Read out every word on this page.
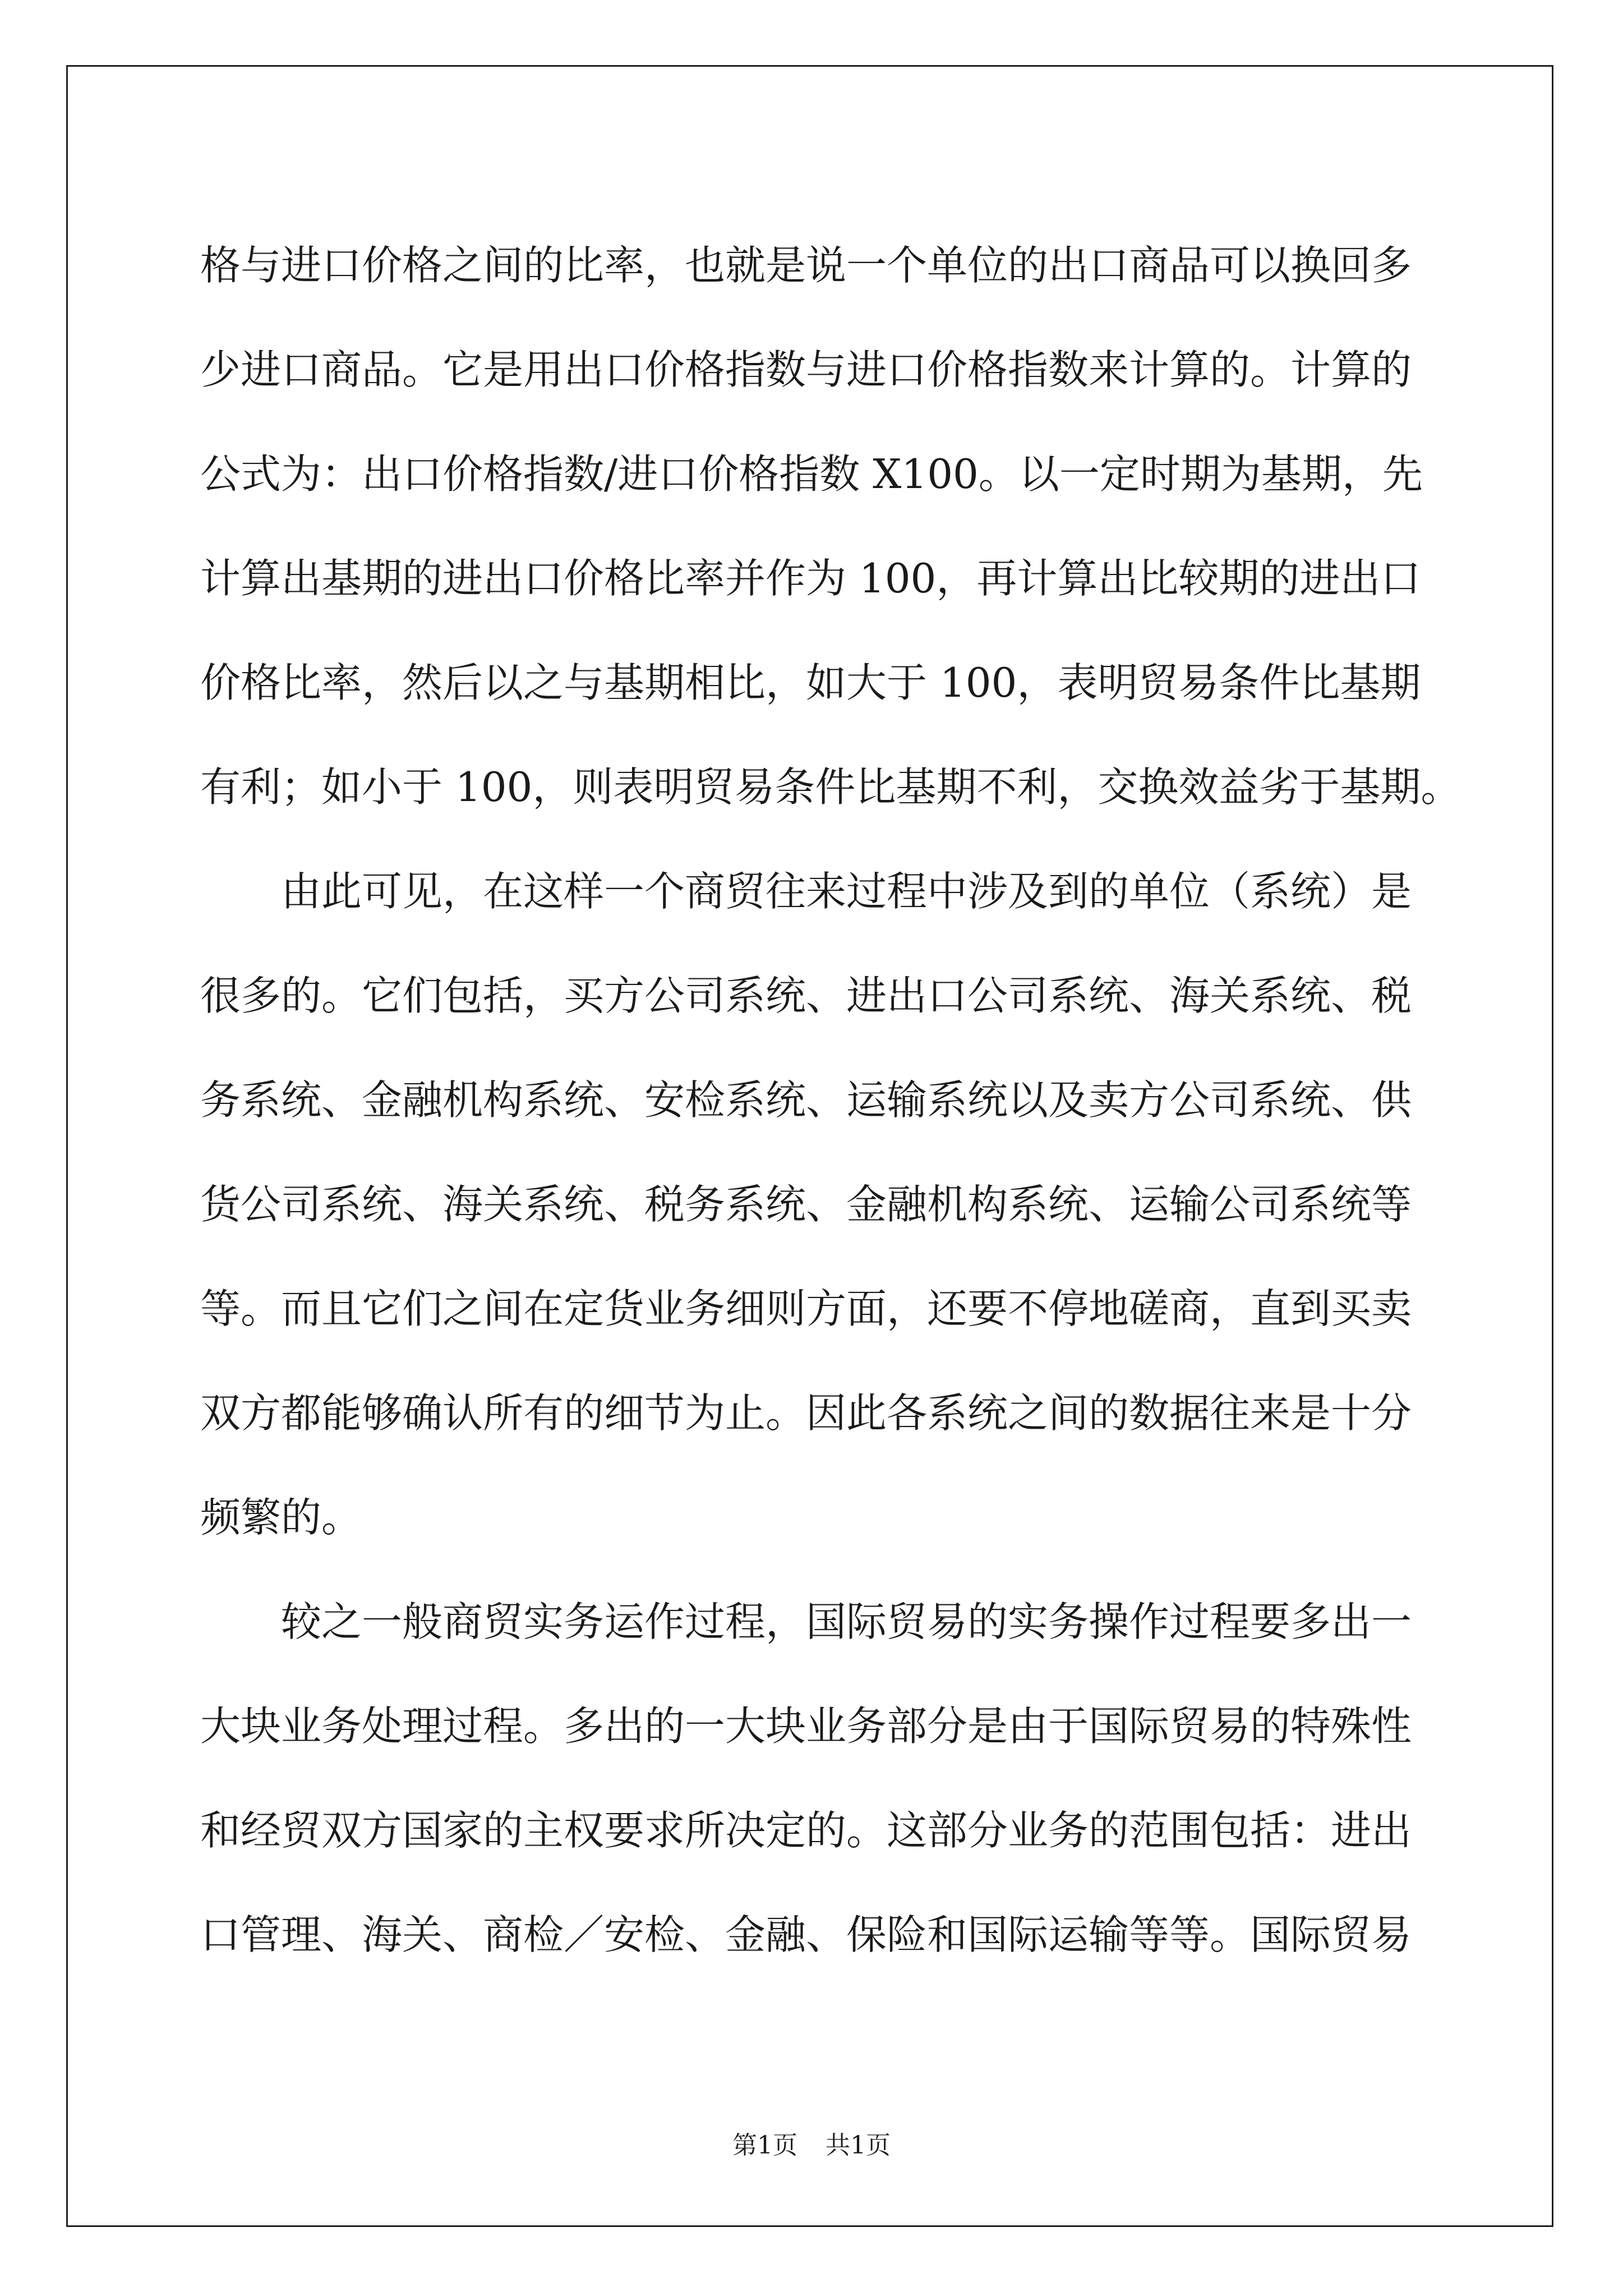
格与进口价格之间的比率，也就是说一个单位的出口商品可以换回多
少进口商品。它是用出口价格指数与进口价格指数来计算的。计算的
公式为：出口价格指数/进口价格指数 X100。以一定时期为基期，先
计算出基期的进出口价格比率并作为 100，再计算出比较期的进出口
价格比率，然后以之与基期相比，如大于 100，表明贸易条件比基期
有利；如小于 100，则表明贸易条件比基期不利，交换效益劣于基期。
由此可见，在这样一个商贸往来过程中涉及到的单位（系统）是
很多的。它们包括，买方公司系统、进出口公司系统、海关系统、税
务系统、金融机构系统、安检系统、运输系统以及卖方公司系统、供
货公司系统、海关系统、税务系统、金融机构系统、运输公司系统等
等。而且它们之间在定货业务细则方面，还要不停地磋商，直到买卖
双方都能够确认所有的细节为止。因此各系统之间的数据往来是十分
频繁的。
较之一般商贸实务运作过程，国际贸易的实务操作过程要多出一
大块业务处理过程。多出的一大块业务部分是由于国际贸易的特殊性
和经贸双方国家的主权要求所决定的。这部分业务的范围包括：进出
口管理、海关、商检／安检、金融、保险和国际运输等等。国际贸易
第1页 共1页
